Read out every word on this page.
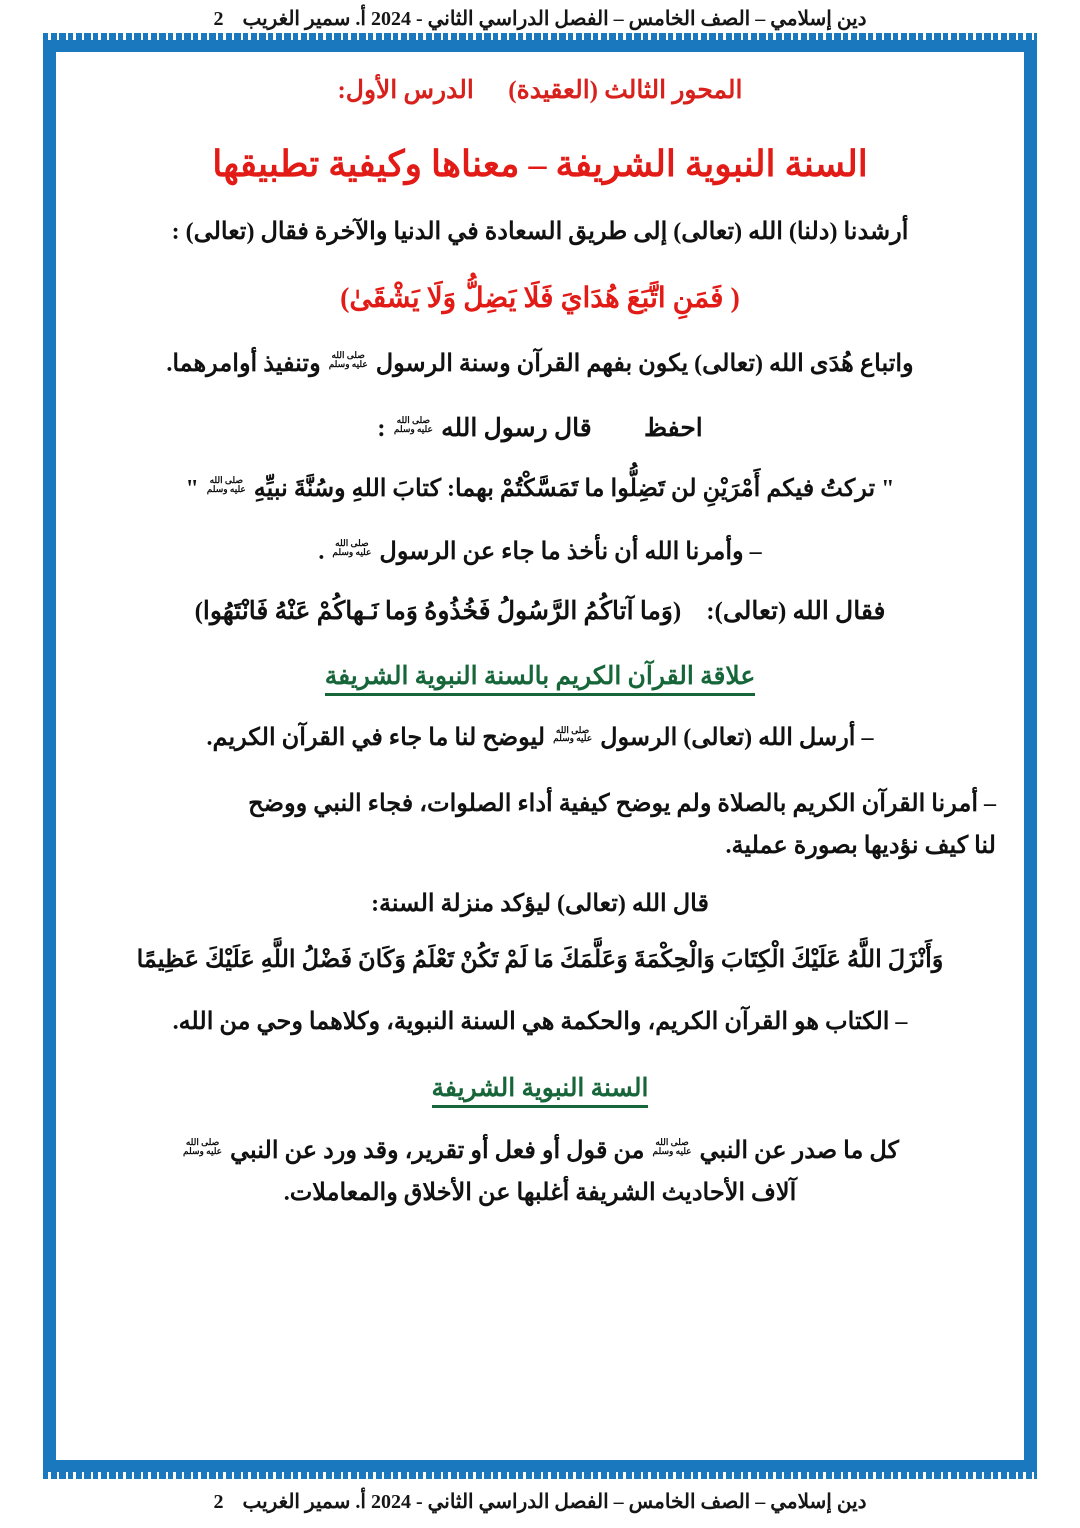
دين إسلامي – الصف الخامس – الفصل الدراسي الثاني - 2024 أ. سمير الغريب 2
المحور الثالث (العقيدة)  الدرس الأول:
السنة النبوية الشريفة – معناها وكيفية تطبيقها

أرشدنا (دلنا) الله (تعالى) إلى طريق السعادة في الدنيا والآخرة فقال (تعالى) :

( فَمَنِ اتَّبَعَ هُدَايَ فَلَا يَضِلُّ وَلَا يَشْقَىٰ)

واتباع هُدَى الله (تعالى) يكون بفهم القرآن وسنة الرسول
صلى الله
عليه وسلم
وتنفيذ أوامرهما.

احفظ قال رسول الله
صلى الله
عليه وسلم
:
" تركتُ فيكم أَمْرَيْنِ لن تَضِلُّوا ما تَمَسَّكْتُمْ بهما: كتابَ اللهِ وسُنَّةَ نبيِّهِ
صلى الله
عليه وسلم
"

– وأمرنا الله أن نأخذ ما جاء عن الرسول
صلى الله
عليه وسلم
.

فقال الله (تعالى):    (وَما آتاكُمُ الرَّسُولُ فَخُذُوهُ وَما نَـهاكُمْ عَنْهُ فَانْتَهُوا)
علاقة القرآن الكريم بالسنة النبوية الشريفة

– أرسل الله (تعالى) الرسول
صلى الله
عليه وسلم
ليوضح لنا ما جاء في القرآن الكريم.

– أمرنا القرآن الكريم بالصلاة ولم يوضح كيفية أداء الصلوات، فجاء النبي ووضح
لنا كيف نؤديها بصورة عملية.

قال الله (تعالى) ليؤكد منزلة السنة:

وَأَنْزَلَ اللَّهُ عَلَيْكَ الْكِتَابَ وَالْحِكْمَةَ وَعَلَّمَكَ مَا لَمْ تَكُنْ تَعْلَمُ وَكَانَ فَضْلُ اللَّهِ عَلَيْكَ عَظِيمًا

– الكتاب هو القرآن الكريم، والحكمة هي السنة النبوية، وكلاهما وحي من الله.

السنة النبوية الشريفة

كل ما صدر عن النبي
صلى الله
عليه وسلم
من قول أو فعل أو تقرير، وقد ورد عن النبي
صلى الله
عليه وسلم

آلاف الأحاديث الشريفة أغلبها عن الأخلاق والمعاملات.

دين إسلامي – الصف الخامس – الفصل الدراسي الثاني - 2024 أ. سمير الغريب 2
